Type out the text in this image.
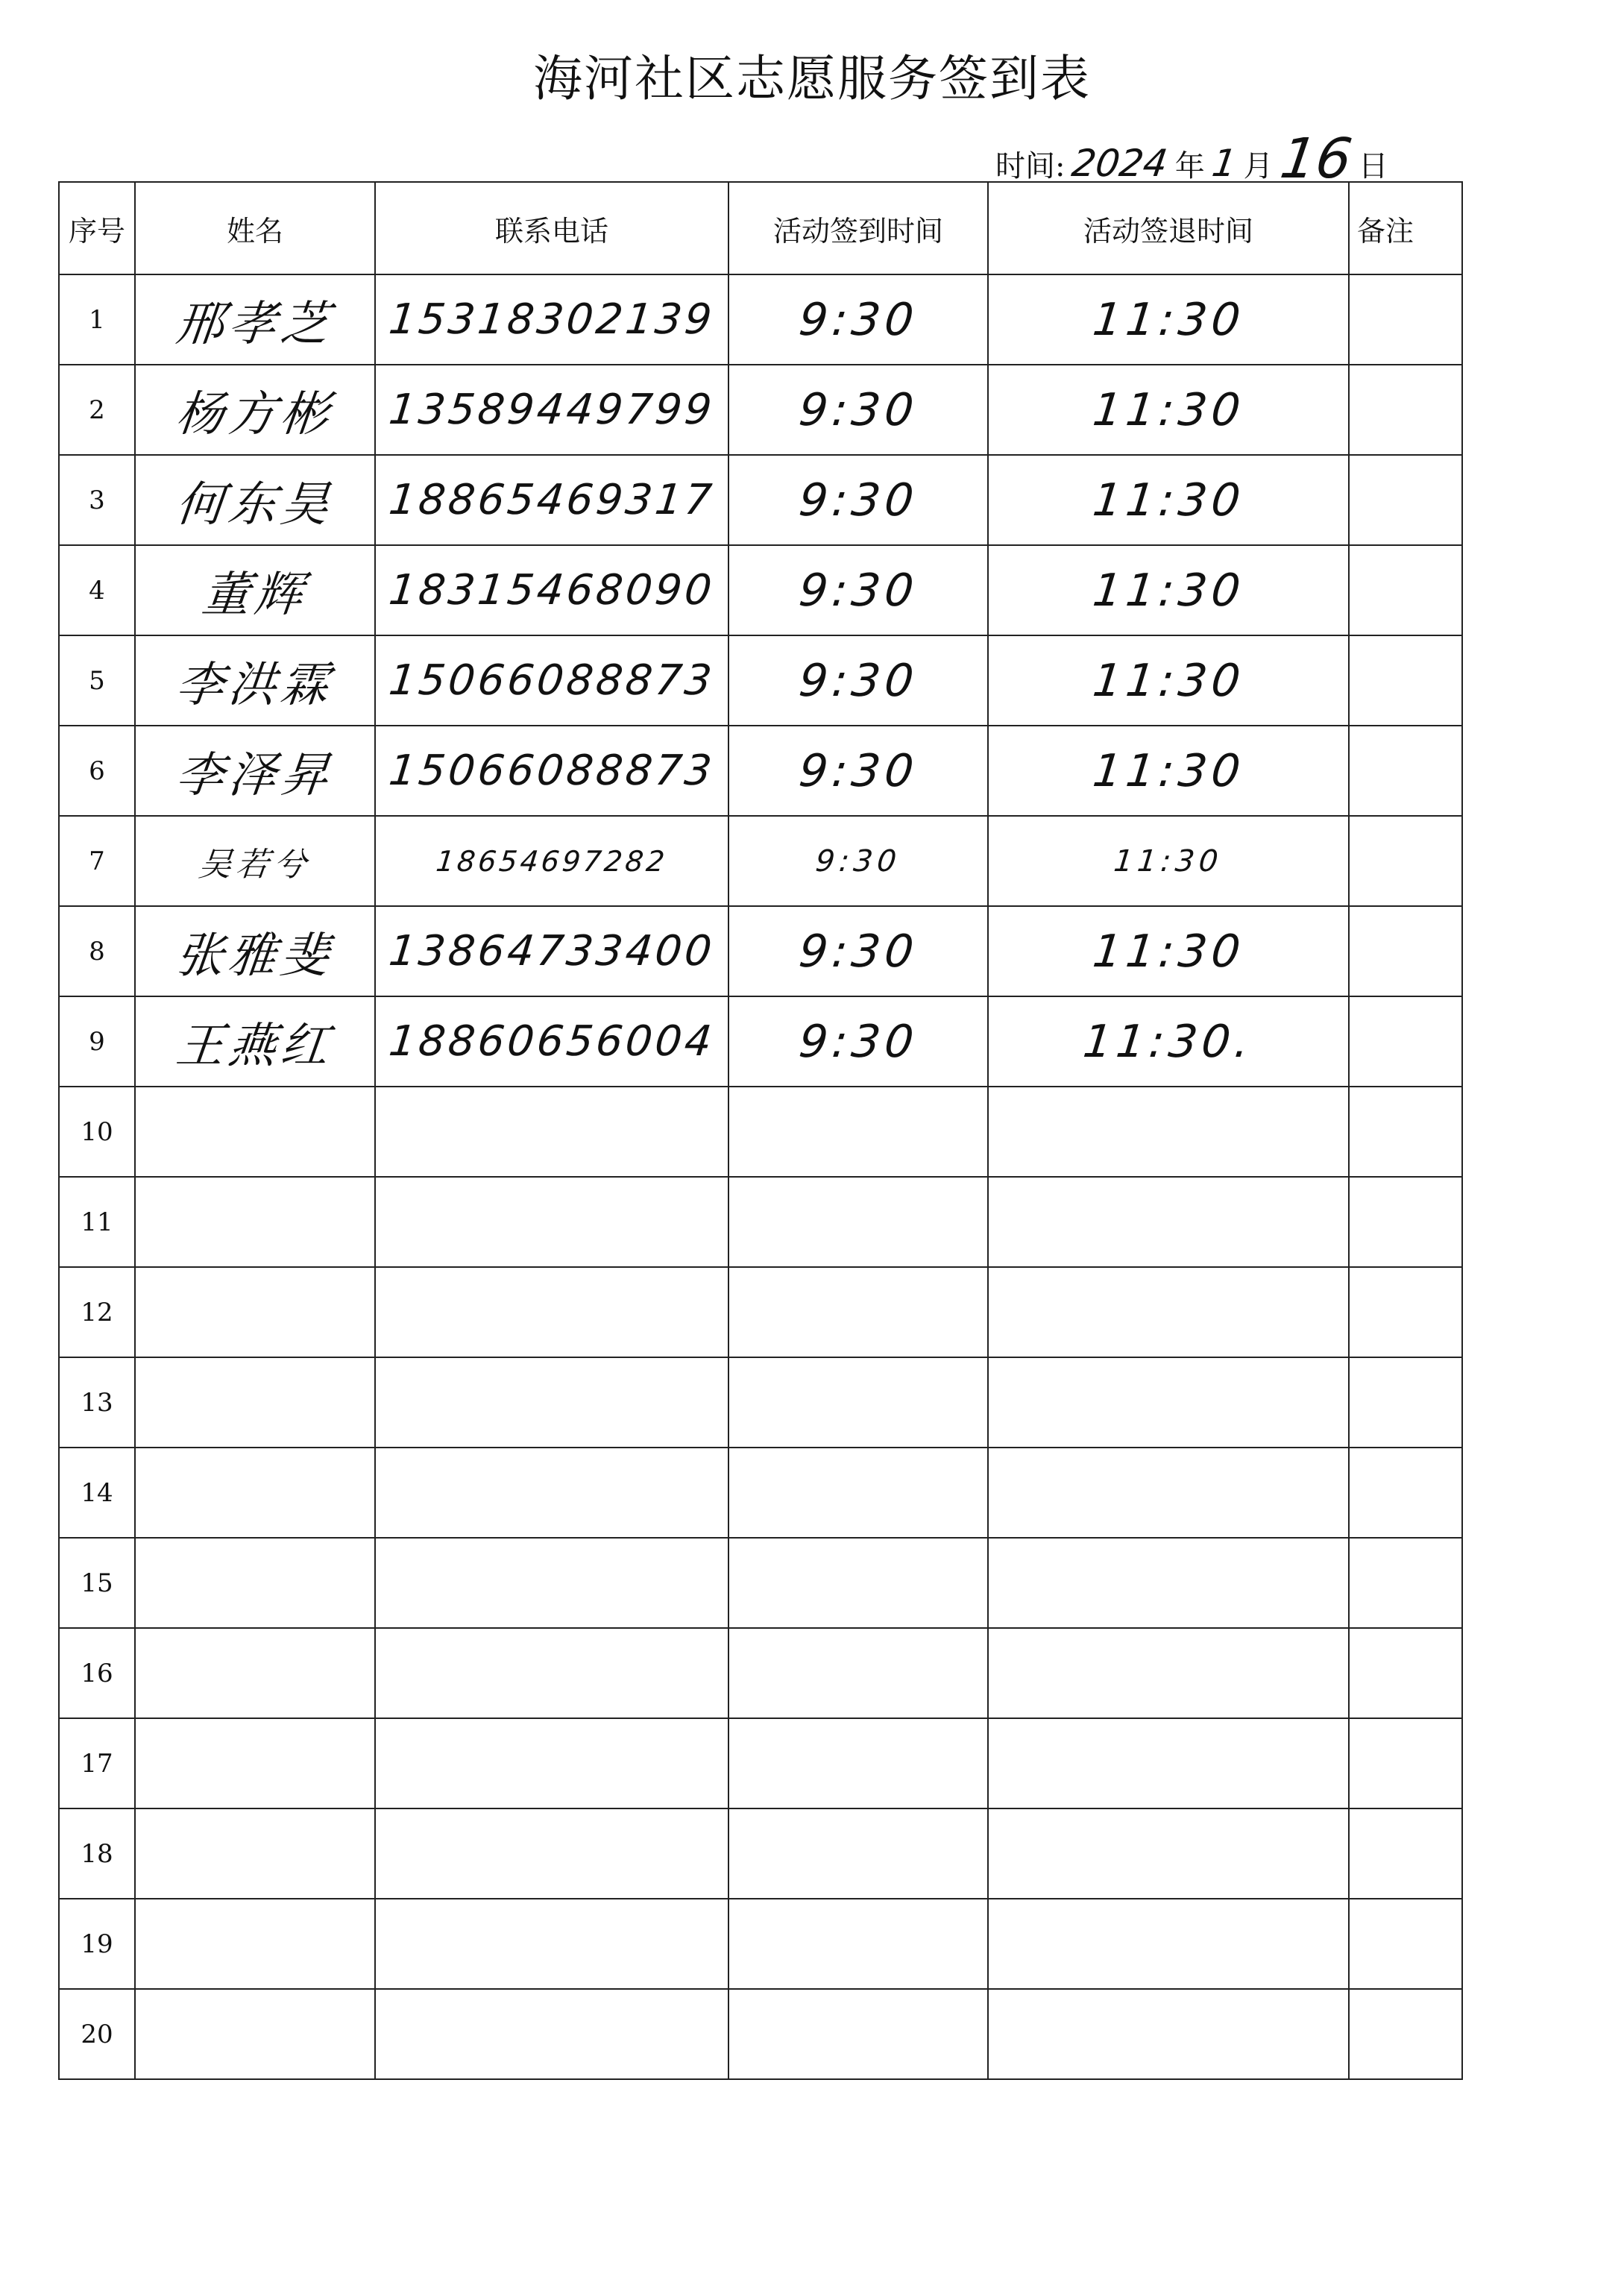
海河社区志愿服务签到表
时间: 2024 年 1 月 16 日
序号	姓名	联系电话	活动签到时间	活动签退时间	备注
1	邢孝芝	15318302139	9:30	11:30	
2	杨方彬	13589449799	9:30	11:30	
3	何东昊	18865469317	9:30	11:30	
4	董辉	18315468090	9:30	11:30	
5	李洪霖	15066088873	9:30	11:30	
6	李泽昇	15066088873	9:30	11:30	
7	吴若兮	18654697282	9:30	11:30	
8	张雅斐	13864733400	9:30	11:30	
9	王燕红	18860656004	9:30	11:30.	
10					
11					
12					
13					
14					
15					
16					
17					
18					
19					
20					
